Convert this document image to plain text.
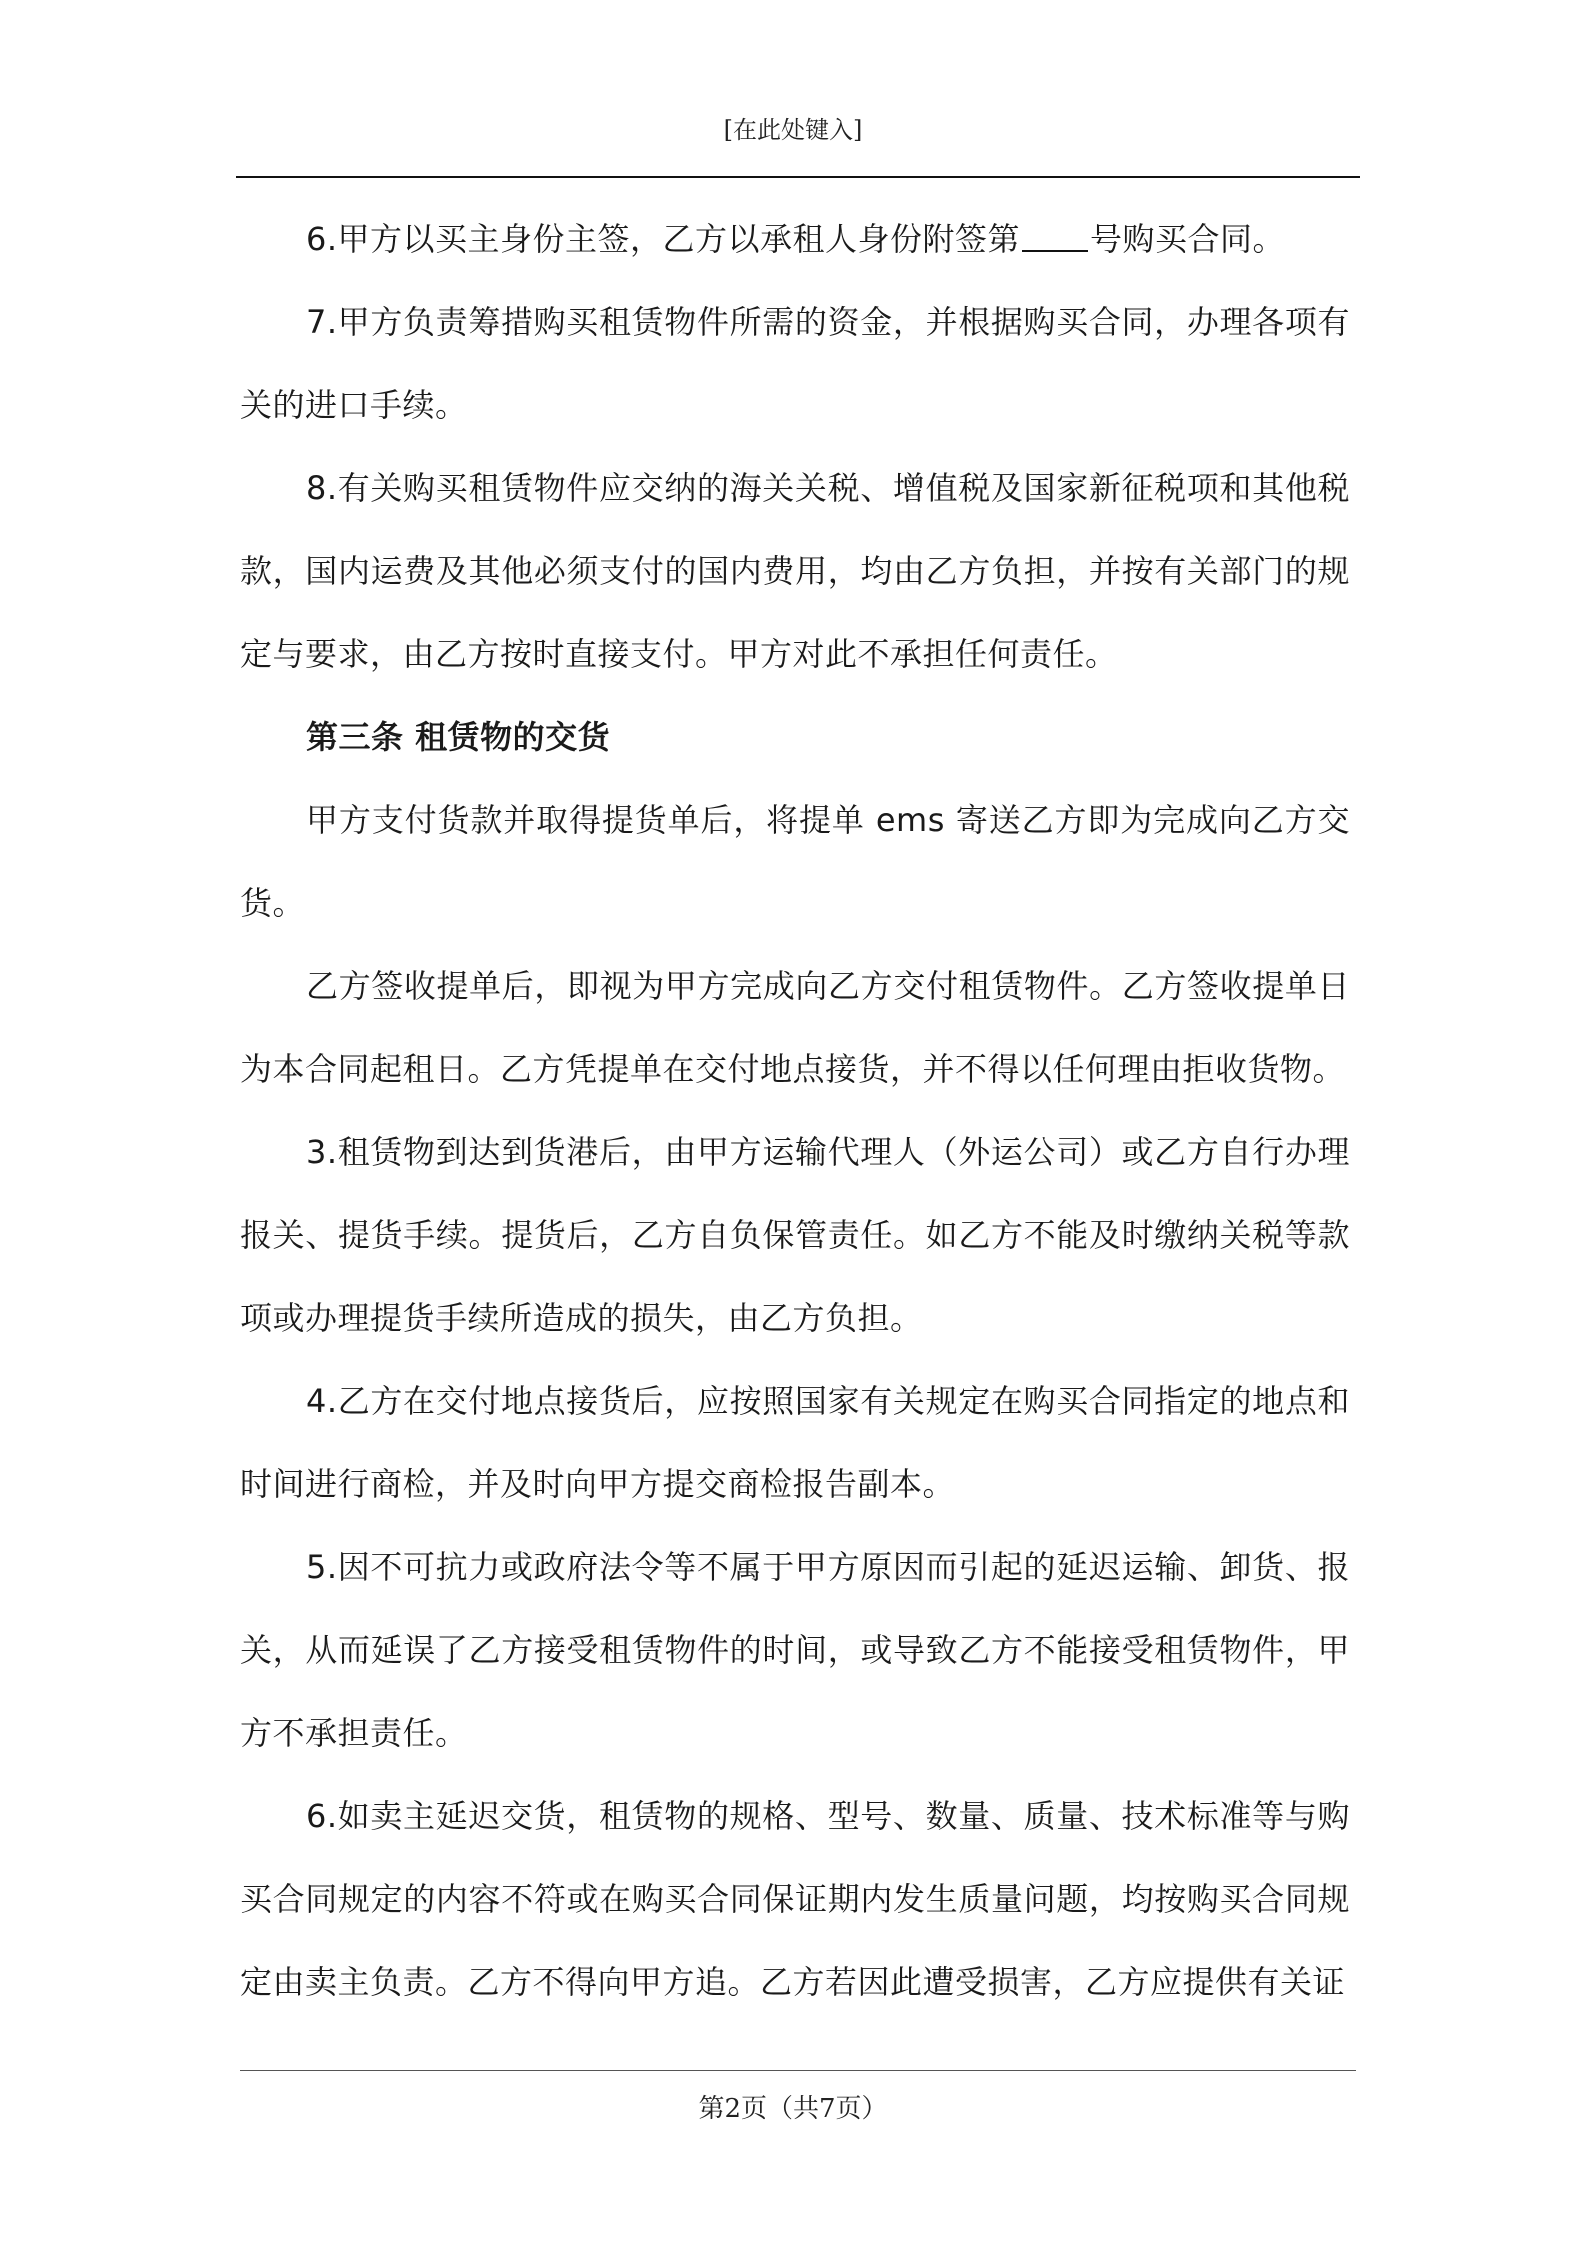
[在此处键入]

6.甲方以买主身份主签，乙方以承租人身份附签第 号购买合同。

7.甲方负责筹措购买租赁物件所需的资金，并根据购买合同，办理各项有关的进口手续。

8.有关购买租赁物件应交纳的海关关税、增值税及国家新征税项和其他税款，国内运费及其他必须支付的国内费用，均由乙方负担，并按有关部门的规定与要求，由乙方按时直接支付。甲方对此不承担任何责任。

第三条 租赁物的交货

甲方支付货款并取得提货单后，将提单 ems 寄送乙方即为完成向乙方交货。

乙方签收提单后，即视为甲方完成向乙方交付租赁物件。乙方签收提单日为本合同起租日。乙方凭提单在交付地点接货，并不得以任何理由拒收货物。

3.租赁物到达到货港后，由甲方运输代理人（外运公司）或乙方自行办理报关、提货手续。提货后，乙方自负保管责任。如乙方不能及时缴纳关税等款项或办理提货手续所造成的损失，由乙方负担。

4.乙方在交付地点接货后，应按照国家有关规定在购买合同指定的地点和时间进行商检，并及时向甲方提交商检报告副本。

5.因不可抗力或政府法令等不属于甲方原因而引起的延迟运输、卸货、报关，从而延误了乙方接受租赁物件的时间，或导致乙方不能接受租赁物件，甲方不承担责任。

6.如卖主延迟交货，租赁物的规格、型号、数量、质量、技术标准等与购买合同规定的内容不符或在购买合同保证期内发生质量问题，均按购买合同规定由卖主负责。乙方不得向甲方追。乙方若因此遭受损害，乙方应提供有关证

第2页（共7页）
